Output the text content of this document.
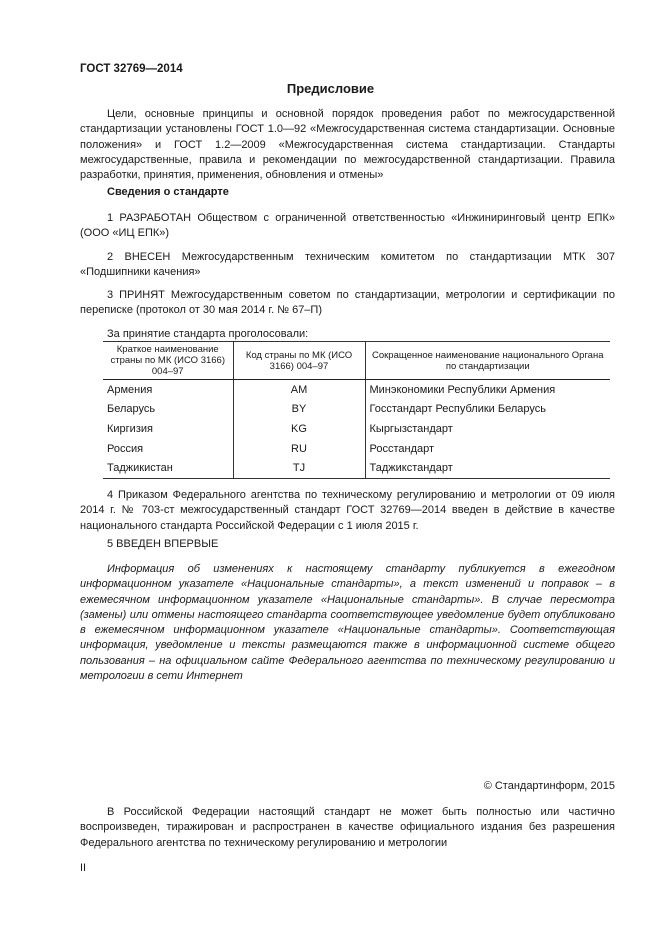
ГОСТ 32769—2014
Предисловие

Цели, основные принципы и основной порядок проведения работ по межгосударственной стандартизации установлены ГОСТ 1.0—92 «Межгосударственная система стандартизации. Основные положения» и ГОСТ 1.2—2009 «Межгосударственная система стандартизации. Стандарты межгосударственные, правила и рекомендации по межгосударственной стандартизации. Правила разработки, принятия, применения, обновления и отмены»

Сведения о стандарте

1 РАЗРАБОТАН Обществом с ограниченной ответственностью «Инжиниринговый центр ЕПК» (ООО «ИЦ ЕПК»)

2 ВНЕСЕН Межгосударственным техническим комитетом по стандартизации МТК 307 «Подшипники качения»

3 ПРИНЯТ Межгосударственным советом по стандартизации, метрологии и сертификации по переписке (протокол от 30 мая 2014 г. № 67–П)

За принятие стандарта проголосовали:
Краткое наименование страны по МК (ИСО 3166) 004–97	Код страны по МК (ИСО 3166) 004–97	Сокращенное наименование национального Органа по стандартизации
Армения	AM	Минэкономики Республики Армения
Беларусь	BY	Госстандарт Республики Беларусь
Киргизия	KG	Кыргызстандарт
Россия	RU	Росстандарт
Таджикистан	TJ	Таджикстандарт

4 Приказом Федерального агентства по техническому регулированию и метрологии от 09 июля 2014 г. № 703-ст межгосударственный стандарт ГОСТ 32769—2014 введен в действие в качестве национального стандарта Российской Федерации с 1 июля 2015 г.

5 ВВЕДЕН ВПЕРВЫЕ

Информация об изменениях к настоящему стандарту публикуется в ежегодном информационном указателе «Национальные стандарты», а текст изменений и поправок – в ежемесячном информационном указателе «Национальные стандарты». В случае пересмотра (замены) или отмены настоящего стандарта соответствующее уведомление будет опубликовано в ежемесячном информационном указателе «Национальные стандарты». Соответствующая информация, уведомление и тексты размещаются также в информационной системе общего пользования – на официальном сайте Федерального агентства по техническому регулированию и метрологии в сети Интернет

© Стандартинформ, 2015

В Российской Федерации настоящий стандарт не может быть полностью или частично воспроизведен, тиражирован и распространен в качестве официального издания без разрешения Федерального агентства по техническому регулированию и метрологии

II
